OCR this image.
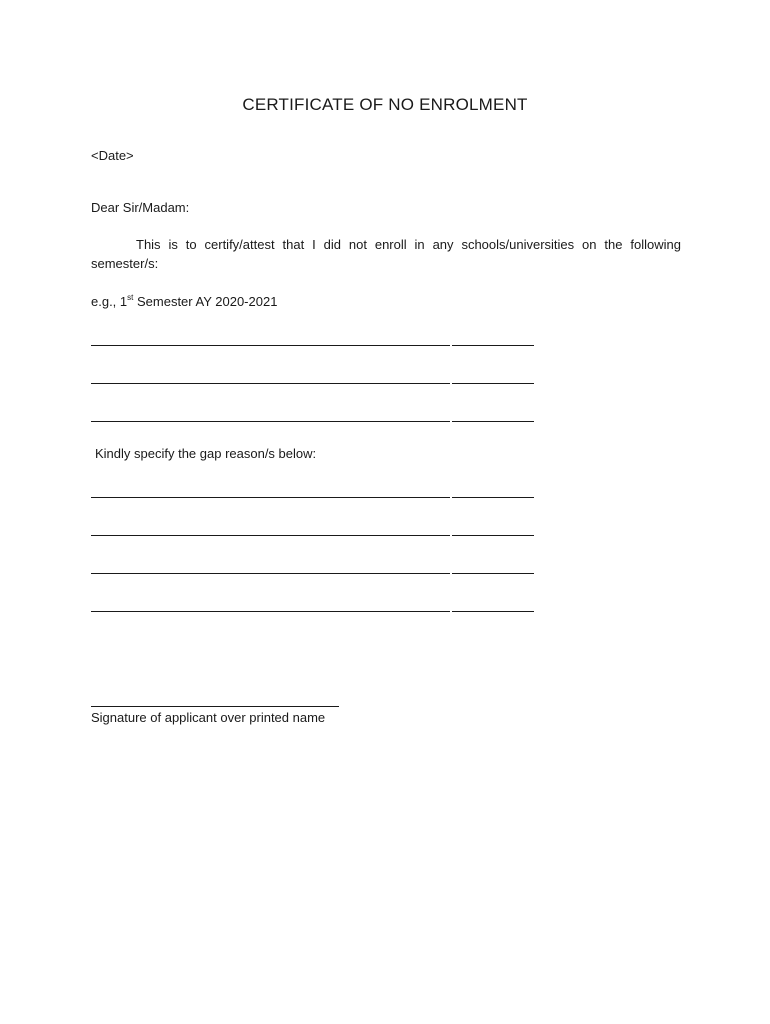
CERTIFICATE OF NO ENROLMENT
<Date>
Dear Sir/Madam:
This is to certify/attest that I did not enroll in any schools/universities on the following semester/s:
e.g., 1st Semester AY 2020-2021
Kindly specify the gap reason/s below:
Signature of applicant over printed name
